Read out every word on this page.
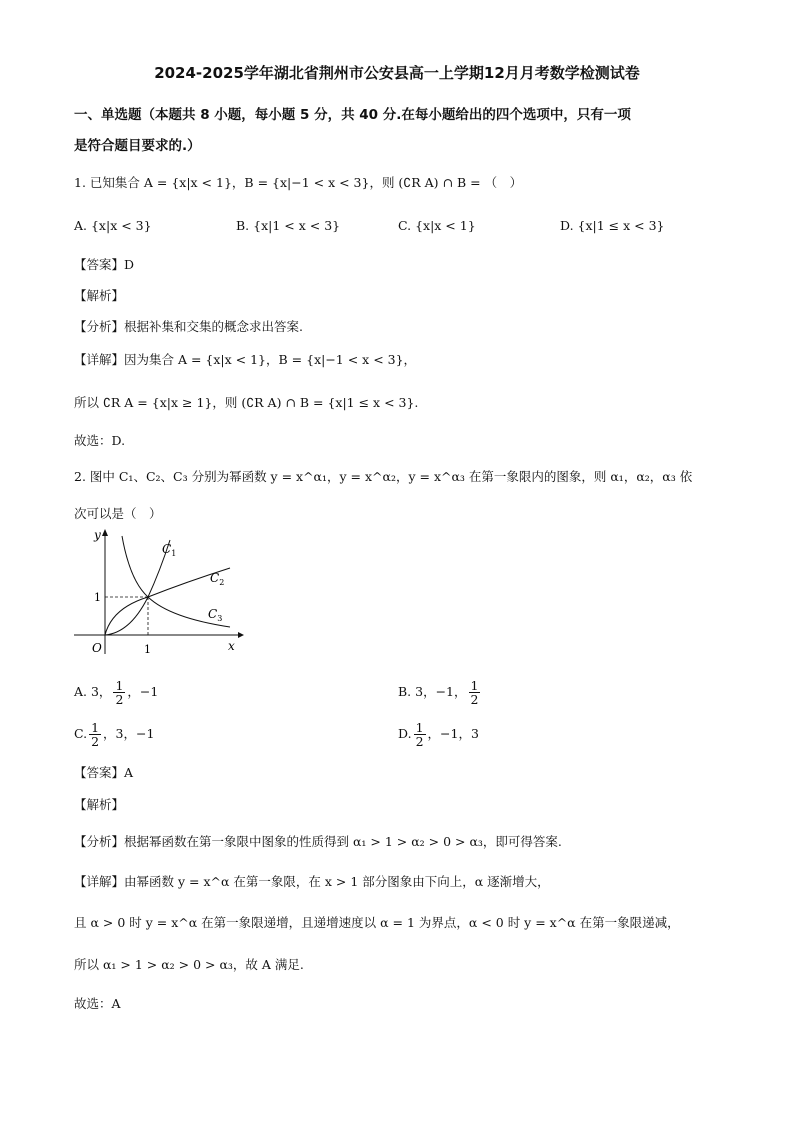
2024-2025学年湖北省荆州市公安县高一上学期12月月考数学检测试卷
一、单选题（本题共 8 小题，每小题 5 分，共 40 分.在每小题给出的四个选项中，只有一项
是符合题目要求的.）
1. 已知集合 A = {x|x < 1}，B = {x|−1 < x < 3}，则 (∁R A) ∩ B = （　）
A. {x|x < 3}	B. {x|1 < x < 3}	C. {x|x < 1}	D. {x|1 ≤ x < 3}
【答案】D
【解析】
【分析】根据补集和交集的概念求出答案.
【详解】因为集合 A = {x|x < 1}，B = {x|−1 < x < 3}，
所以 ∁R A = {x|x ≥ 1}，则 (∁R A) ∩ B = {x|1 ≤ x < 3}.
故选：D.
2. 图中 C₁、C₂、C₃ 分别为幂函数 y = x^α₁，y = x^α₂，y = x^α₃ 在第一象限内的图象，则 α₁，α₂，α₃ 依
次可以是（　）
y
x
O	1
1
$C_1$
$C_2$
$C_3$
A. 3， $\frac{1}{2}$ ，−1	B. 3，−1， $\frac{1}{2}$
C. $\frac{1}{2}$ ，3，−1	D. $\frac{1}{2}$ ，−1，3
【答案】A
【解析】
【分析】根据幂函数在第一象限中图象的性质得到 α₁ > 1 > α₂ > 0 > α₃，即可得答案.
【详解】由幂函数 y = x^α 在第一象限，在 x > 1 部分图象由下向上，α 逐渐增大，
且 α > 0 时 y = x^α 在第一象限递增，且递增速度以 α = 1 为界点，α < 0 时 y = x^α 在第一象限递减，
所以 α₁ > 1 > α₂ > 0 > α₃，故 A 满足.
故选：A
